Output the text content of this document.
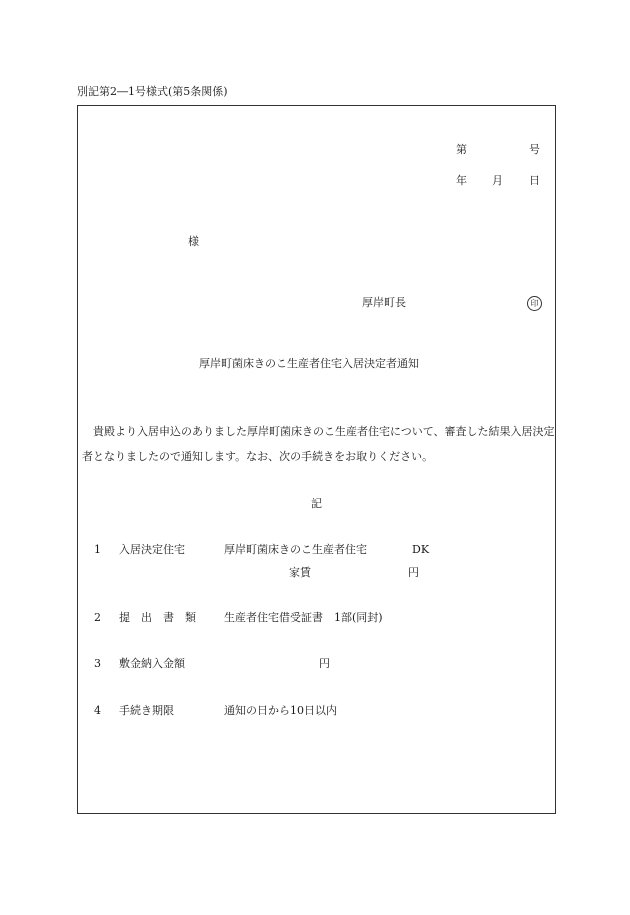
別記第2―1号様式(第5条関係)
第	号
年 月 日
様
厚岸町長	印
厚岸町菌床きのこ生産者住宅入居決定者通知
貴殿より入居申込のありました厚岸町菌床きのこ生産者住宅について、審査した結果入居決定者となりましたので通知します。なお、次の手続きをお取りください。
記
1 入居決定住宅	厚岸町菌床きのこ生産者住宅	DK
家賃	円
2 提　出　書　類	生産者住宅借受証書　1部(同封)
3 敷金納入金額	円
4 手続き期限	通知の日から10日以内
